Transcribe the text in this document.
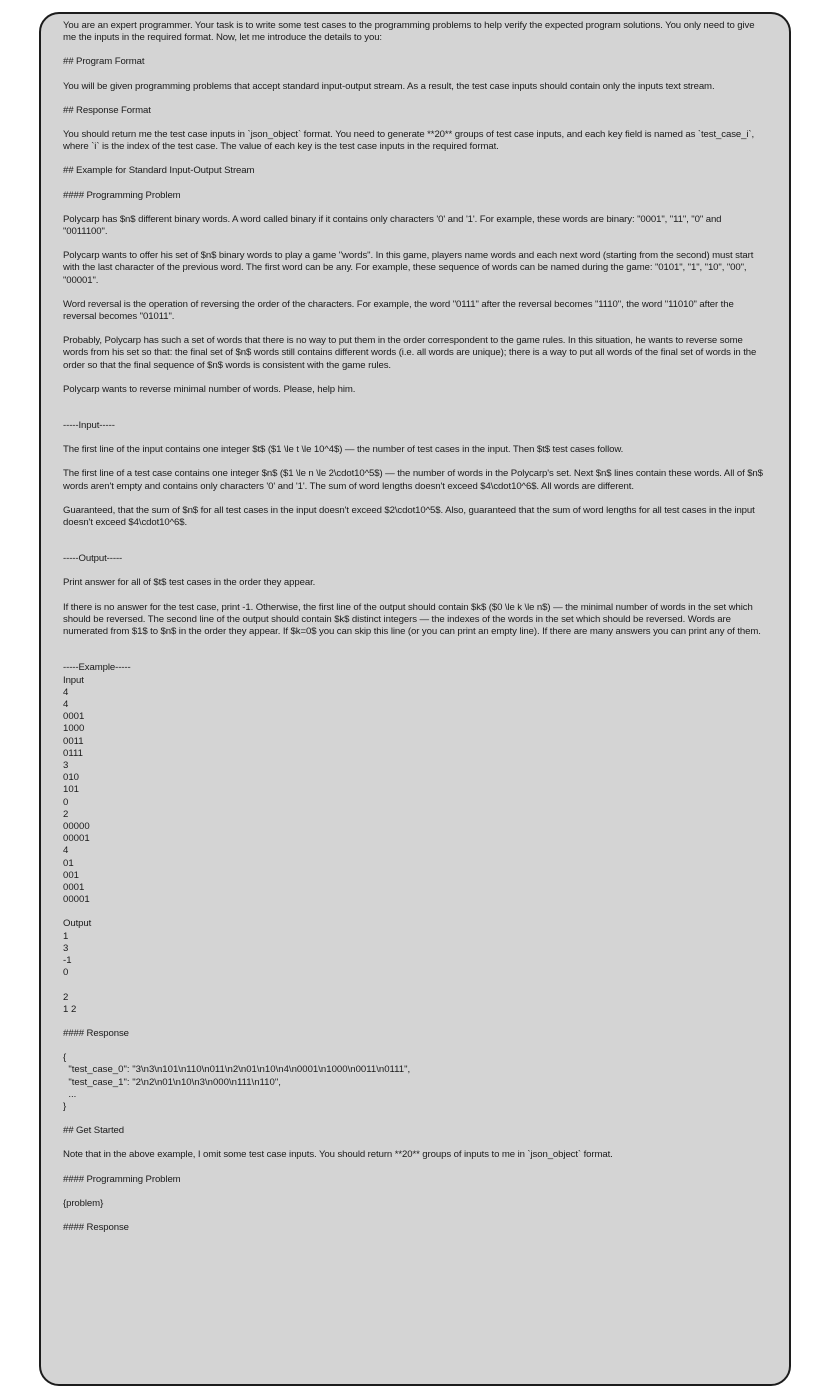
You are an expert programmer. Your task is to write some test cases to the programming problems to help verify the expected program solutions. You only need to give me the inputs in the required format. Now, let me introduce the details to you:

## Program Format

You will be given programming problems that accept standard input-output stream. As a result, the test case inputs should contain only the inputs text stream.

## Response Format

You should return me the test case inputs in `json_object` format. You need to generate **20** groups of test case inputs, and each key field is named as `test_case_i`, where `i` is the index of the test case. The value of each key is the test case inputs in the required format.

## Example for Standard Input-Output Stream

#### Programming Problem

Polycarp has $n$ different binary words. A word called binary if it contains only characters '0' and '1'. For example, these words are binary: "0001", "11", "0" and "0011100".

Polycarp wants to offer his set of $n$ binary words to play a game "words". In this game, players name words and each next word (starting from the second) must start with the last character of the previous word. The first word can be any. For example, these sequence of words can be named during the game: "0101", "1", "10", "00", "00001".

Word reversal is the operation of reversing the order of the characters. For example, the word "0111" after the reversal becomes "1110", the word "11010" after the reversal becomes "01011".

Probably, Polycarp has such a set of words that there is no way to put them in the order correspondent to the game rules. In this situation, he wants to reverse some words from his set so that: the final set of $n$ words still contains different words (i.e. all words are unique); there is a way to put all words of the final set of words in the order so that the final sequence of $n$ words is consistent with the game rules.

Polycarp wants to reverse minimal number of words. Please, help him.

-----Input-----

The first line of the input contains one integer $t$ ($1 \le t \le 10^4$) — the number of test cases in the input. Then $t$ test cases follow.

The first line of a test case contains one integer $n$ ($1 \le n \le 2\cdot10^5$) — the number of words in the Polycarp's set. Next $n$ lines contain these words. All of $n$ words aren't empty and contains only characters '0' and '1'. The sum of word lengths doesn't exceed $4\cdot10^6$. All words are different.

Guaranteed, that the sum of $n$ for all test cases in the input doesn't exceed $2\cdot10^5$. Also, guaranteed that the sum of word lengths for all test cases in the input doesn't exceed $4\cdot10^6$.

-----Output-----

Print answer for all of $t$ test cases in the order they appear.

If there is no answer for the test case, print -1. Otherwise, the first line of the output should contain $k$ ($0 \le k \le n$) — the minimal number of words in the set which should be reversed. The second line of the output should contain $k$ distinct integers — the indexes of the words in the set which should be reversed. Words are numerated from $1$ to $n$ in the order they appear. If $k=0$ you can skip this line (or you can print an empty line). If there are many answers you can print any of them.

-----Example-----

Input

4
4
0001
1000
0011
0111
3
010
101
0
2
00000
00001
4
01
001
0001
00001

Output

1
3
-1
0

2
1 2

#### Response

{
"test_case_0": "3\n3\n101\n110\n011\n2\n01\n10\n4\n0001\n1000\n0011\n0111",
"test_case_1": "2\n2\n01\n10\n3\n000\n111\n110",
...
}

## Get Started

Note that in the above example, I omit some test case inputs. You should return **20** groups of inputs to me in `json_object` format.

#### Programming Problem

{problem}

#### Response
